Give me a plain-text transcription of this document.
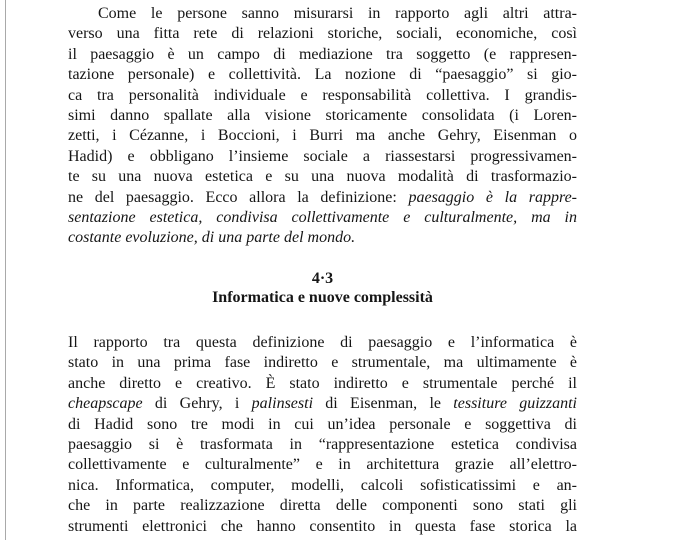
Come le persone sanno misurarsi in rapporto agli altri attra-
verso una fitta rete di relazioni storiche, sociali, economiche, così
il paesaggio è un campo di mediazione tra soggetto (e rappresen-
tazione personale) e collettività. La nozione di “paesaggio” si gio-
ca tra personalità individuale e responsabilità collettiva. I grandis-
simi danno spallate alla visione storicamente consolidata (i Loren-
zetti, i Cézanne, i Boccioni, i Burri ma anche Gehry, Eisenman o
Hadid) e obbligano l’insieme sociale a riassestarsi progressivamen-
te su una nuova estetica e su una nuova modalità di trasformazio-
ne del paesaggio. Ecco allora la definizione: paesaggio è la rappre-
sentazione estetica, condivisa collettivamente e culturalmente, ma in
costante evoluzione, di una parte del mondo.
4·3
Informatica e nuove complessità
Il rapporto tra questa definizione di paesaggio e l’informatica è
stato in una prima fase indiretto e strumentale, ma ultimamente è
anche diretto e creativo. È stato indiretto e strumentale perché il
cheapscape di Gehry, i palinsesti di Eisenman, le tessiture guizzanti
di Hadid sono tre modi in cui un’idea personale e soggettiva di
paesaggio si è trasformata in “rappresentazione estetica condivisa
collettivamente e culturalmente” e in architettura grazie all’elettro-
nica. Informatica, computer, modelli, calcoli sofisticatissimi e an-
che in parte realizzazione diretta delle componenti sono stati gli
strumenti elettronici che hanno consentito in questa fase storica la
